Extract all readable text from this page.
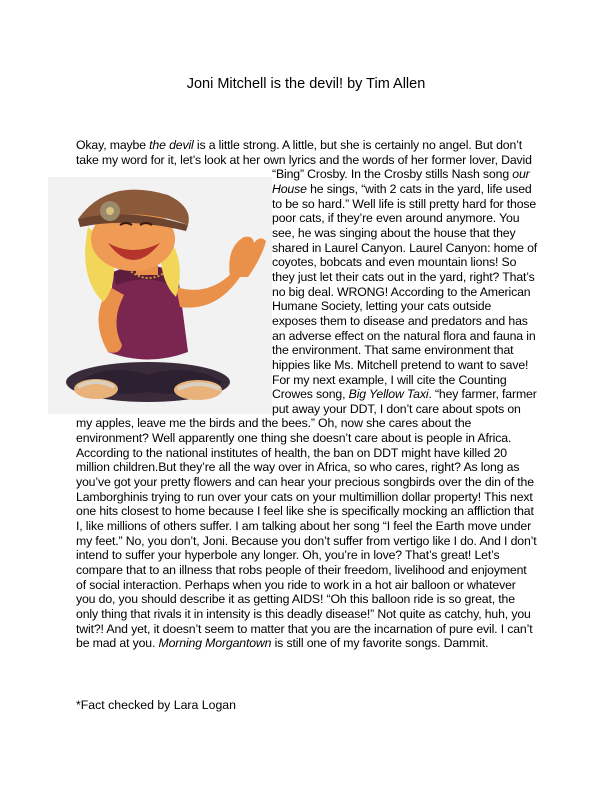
Joni Mitchell is the devil! by Tim Allen

Okay, maybe the devil is a little strong. A little, but she is certainly no angel. But don’t take my word for it, let’s look at her own lyrics and the words of her former
lover, David “Bing” Crosby. In the Crosby stills Nash song our House he sings, “with 2 cats in the yard, life used to be so hard.” Well life is still pretty hard for those poor cats, if they’re even around anymore. You see, he was singing about the house that they shared in Laurel Canyon. Laurel Canyon: home of coyotes, bobcats and even mountain lions! So they just let their cats out in the yard, right? That’s no big deal. WRONG! According to the American Humane Society, letting your cats outside exposes them to disease and predators and has an adverse effect on the natural flora and fauna in the environment. That same environment that hippies like Ms. Mitchell pretend to want to save! For my next example, I will cite the Counting Crowes song, Big Yellow Taxi. “hey farmer, farmer put away your DDT, I don’t care about spots on my apples, leave me the birds and the bees.” Oh, now she cares about the environment? Well apparently one thing she doesn’t care about is people in Africa. According to the national institutes of health, the ban on DDT might have killed 20 million children.But they’re all the way over in Africa, so who cares, right? As long as you’ve got your pretty flowers and can hear your precious songbirds over the din of the Lamborghinis trying to run over your cats on your multimillion dollar property! This next one hits closest to home because I feel like she is specifically mocking an affliction that I, like millions of others suffer. I am talking about her song “I feel the Earth move under my feet.” No, you don’t, Joni. Because you don’t suffer from vertigo like I do. And I don’t intend to suffer your hyperbole any longer. Oh, you’re in love? That’s great! Let’s compare that to an illness that robs people of their freedom, livelihood and enjoyment of social interaction. Perhaps when you ride to work in a hot air balloon or whatever you do, you should describe it as getting AIDS! “Oh this balloon ride is so great, the only thing that rivals it in intensity is this deadly disease!” Not quite as catchy, huh, you twit?! And yet, it doesn’t seem to matter that you are the incarnation of pure evil. I can’t be mad at you. Morning Morgantown is still one of my favorite songs. Dammit.

*Fact checked by Lara Logan
